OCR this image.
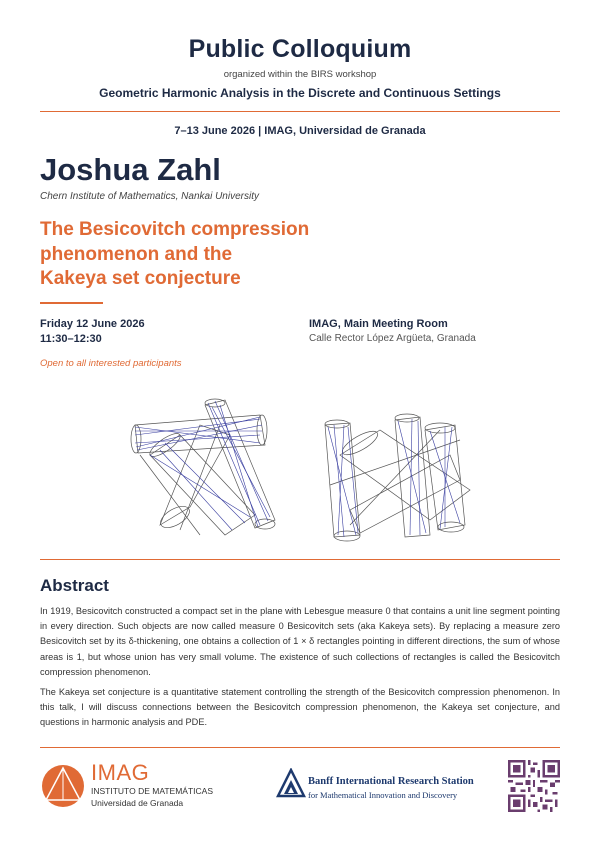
Public Colloquium
organized within the BIRS workshop
Geometric Harmonic Analysis in the Discrete and Continuous Settings
7–13 June 2026 | IMAG, Universidad de Granada
Joshua Zahl
Chern Institute of Mathematics, Nankai University
The Besicovitch compression
phenomenon and the
Kakeya set conjecture
Friday 12 June 2026
11:30–12:30
IMAG, Main Meeting Room
Calle Rector López Argüeta, Granada
Open to all interested participants
Abstract
In 1919, Besicovitch constructed a compact set in the plane with Lebesgue measure 0 that contains a unit line segment pointing in every direction. Such objects are now called measure 0 Besicovitch sets (aka Kakeya sets). By replacing a measure zero Besicovitch set by its δ-thickening, one obtains a collection of 1 × δ rectangles pointing in different directions, the sum of whose areas is 1, but whose union has very small volume. The existence of such collections of rectangles is called the Besicovitch compression phenomenon.
The Kakeya set conjecture is a quantitative statement controlling the strength of the Besicovitch compression phenomenon. In this talk, I will discuss connections between the Besicovitch compression phenomenon, the Kakeya set conjecture, and questions in harmonic analysis and PDE.
IMAG
INSTITUTO DE MATEMÁTICAS
Universidad de Granada
Banff International Research Station
for Mathematical Innovation and Discovery
